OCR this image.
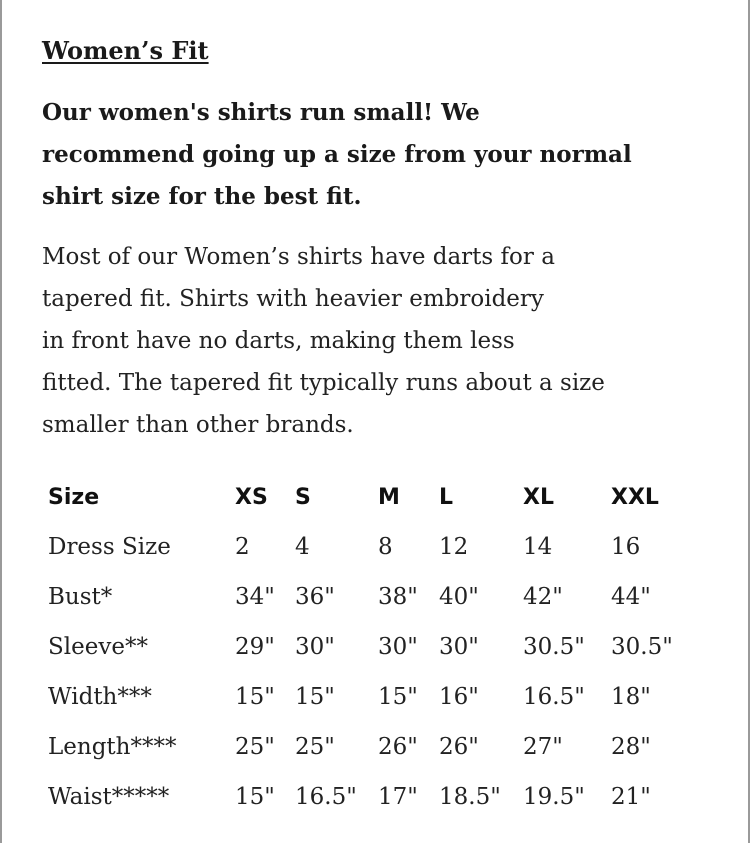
Women’s Fit

Our women's shirts run small! We
recommend going up a size from your normal
shirt size for the best fit.

Most of our Women’s shirts have darts for a
tapered fit. Shirts with heavier embroidery
in front have no darts, making them less
fitted. The tapered fit typically runs about a size
smaller than other brands.

Size	XS	S	M	L	XL	XXL
Dress Size	2	4	8	12	14	16
Bust*	34"	36"	38"	40"	42"	44"
Sleeve**	29"	30"	30"	30"	30.5"	30.5"
Width***	15"	15"	15"	16"	16.5"	18"
Length****	25"	25"	26"	26"	27"	28"
Waist*****	15"	16.5"	17"	18.5"	19.5"	21"
